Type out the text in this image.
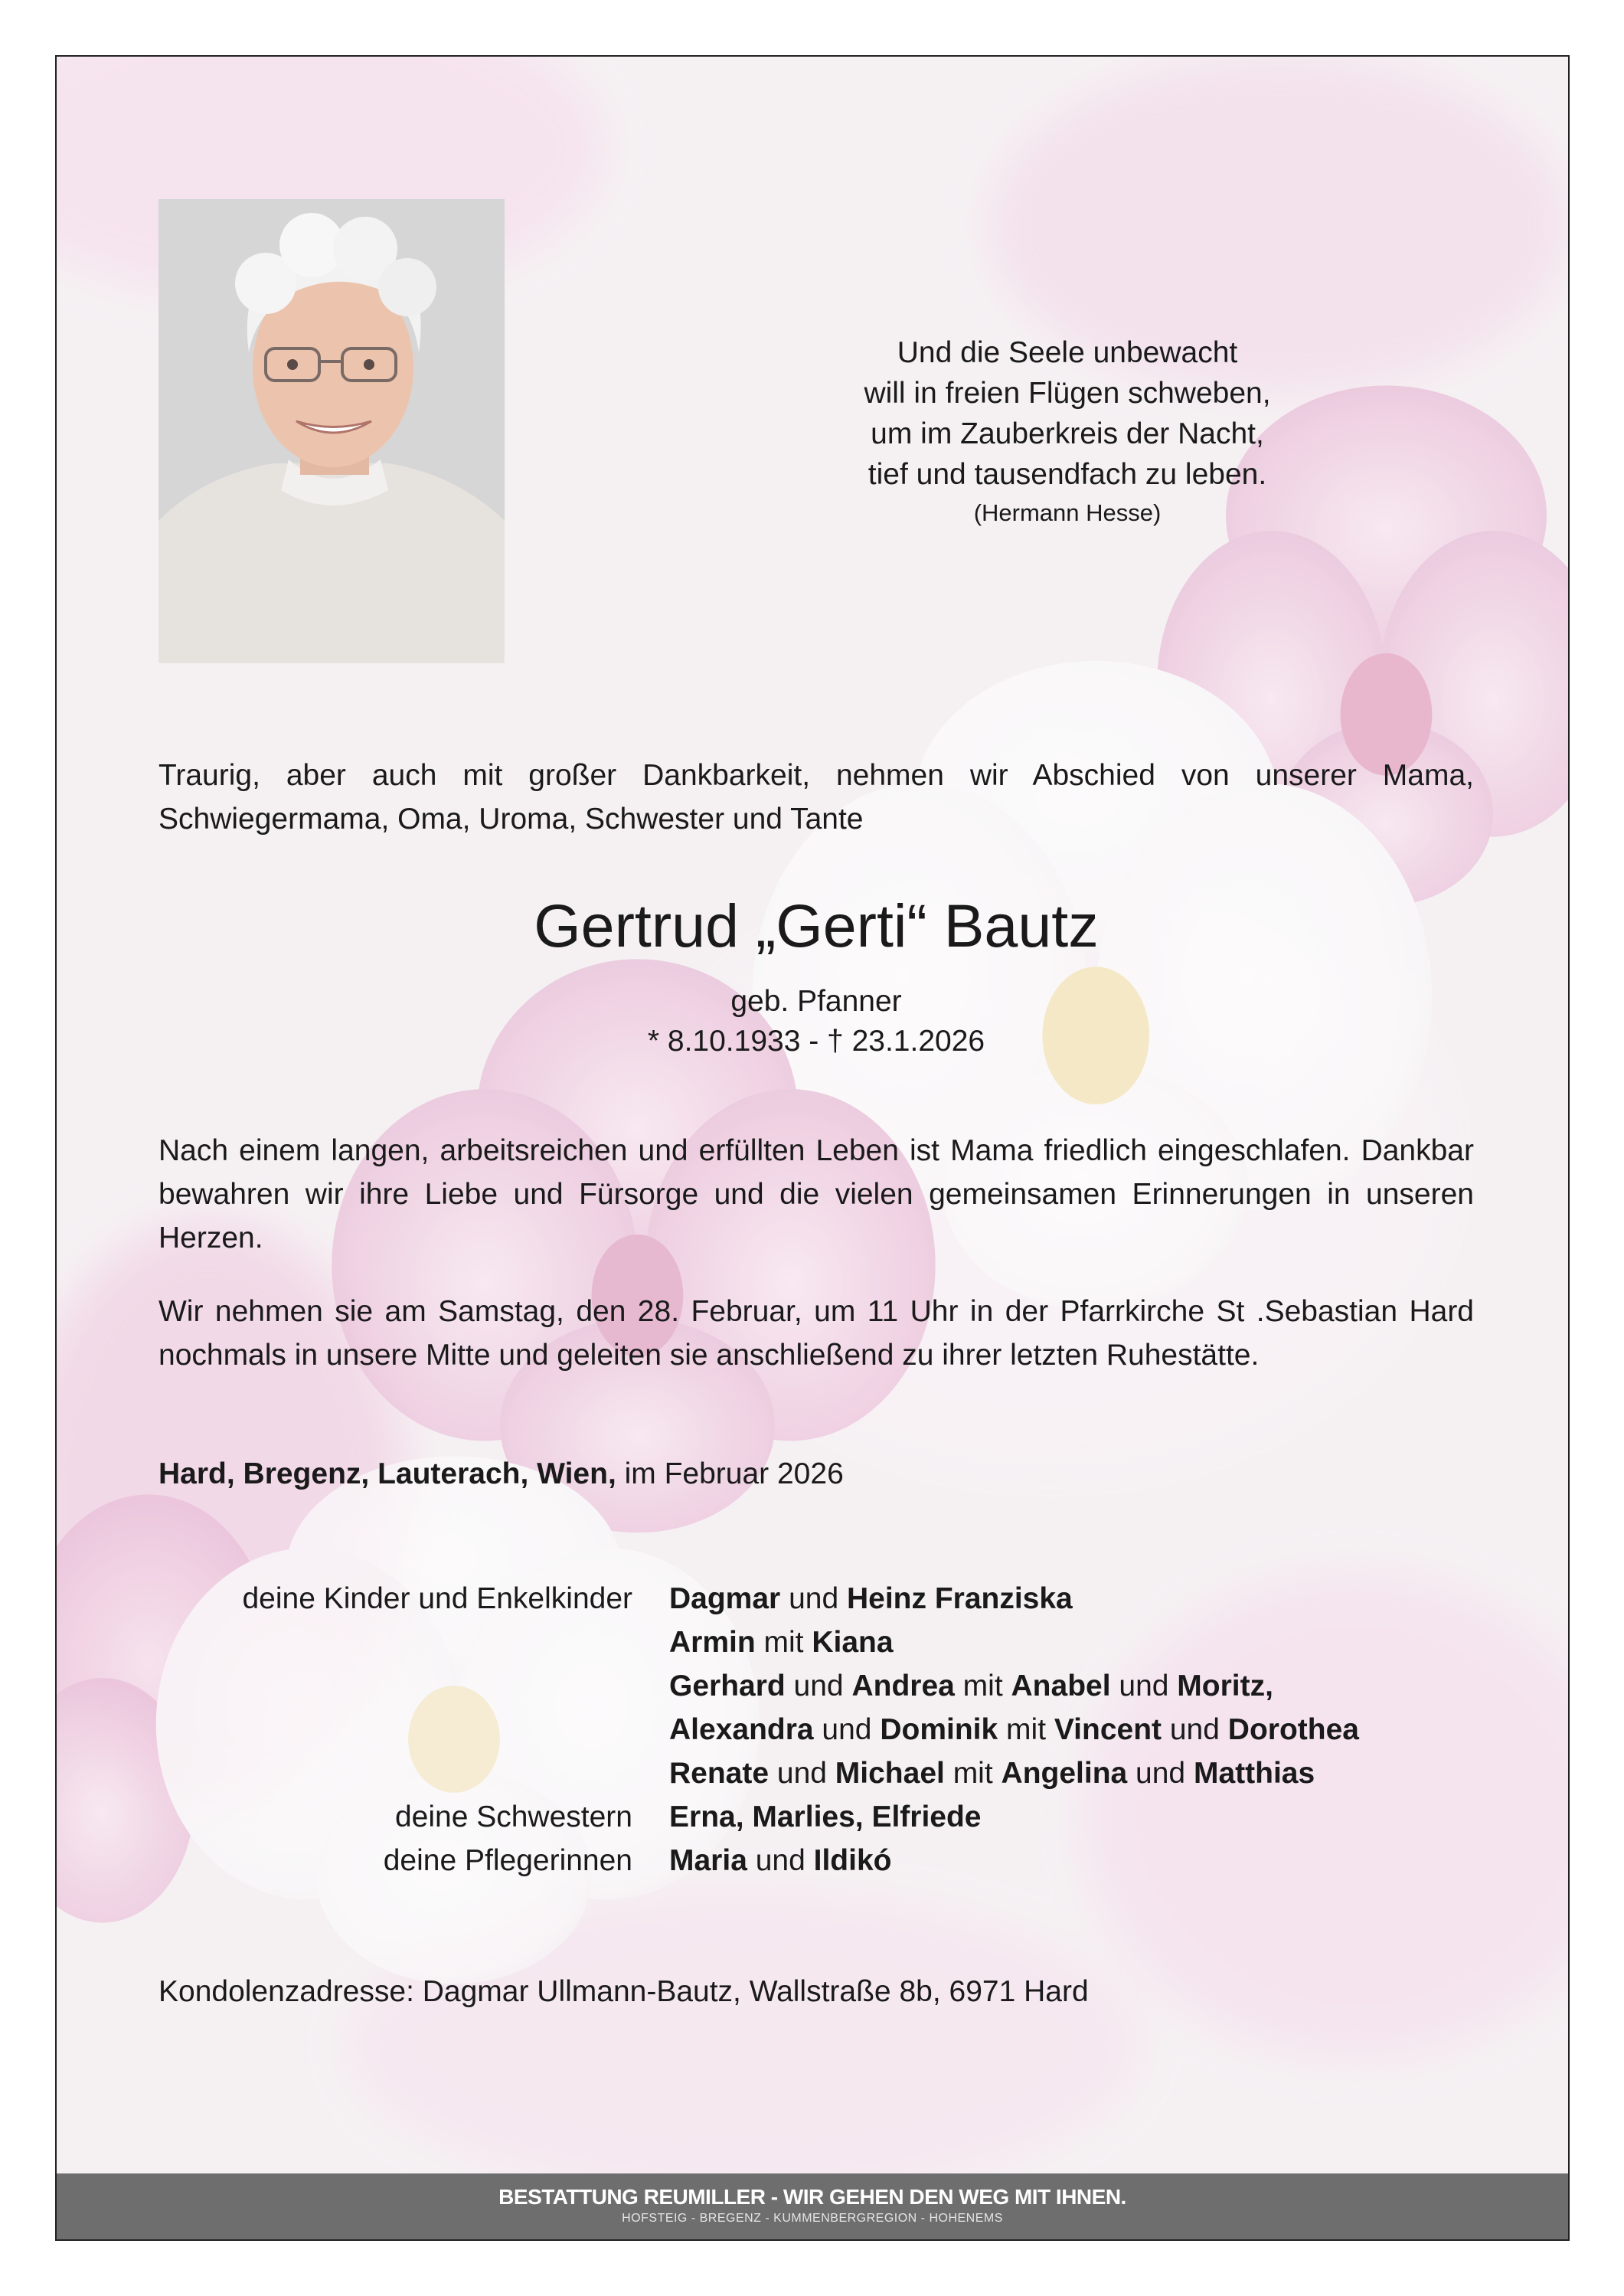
Und die Seele unbewacht
will in freien Flügen schweben,
um im Zauberkreis der Nacht,
tief und tausendfach zu leben.
(Hermann Hesse)
Traurig, aber auch mit großer Dankbarkeit, nehmen wir Abschied von unserer Mama, Schwiegermama, Oma, Uroma, Schwester und Tante
Gertrud „Gerti“ Bautz
geb. Pfanner
* 8.10.1933 - † 23.1.2026
Nach einem langen, arbeitsreichen und erfüllten Leben ist Mama friedlich eingeschlafen. Dankbar bewahren wir ihre Liebe und Fürsorge und die vielen gemeinsamen Erinnerungen in unseren Herzen.
Wir nehmen sie am Samstag, den 28. Februar, um 11 Uhr in der Pfarrkirche St .Sebastian Hard nochmals in unsere Mitte und geleiten sie anschließend zu ihrer letzten Ruhestätte.
Hard, Bregenz, Lauterach, Wien, im Februar 2026
deine Kinder und Enkelkinder Dagmar und Heinz Franziska
Armin mit Kiana
Gerhard und Andrea mit Anabel und Moritz,
Alexandra und Dominik mit Vincent und Dorothea
Renate und Michael mit Angelina und Matthias
deine Schwestern Erna, Marlies, Elfriede
deine Pflegerinnen Maria und Ildikó
Kondolenzadresse: Dagmar Ullmann-Bautz, Wallstraße 8b, 6971 Hard
BESTATTUNG REUMILLER - WIR GEHEN DEN WEG MIT IHNEN.
HOFSTEIG - BREGENZ - KUMMENBERGREGION - HOHENEMS
